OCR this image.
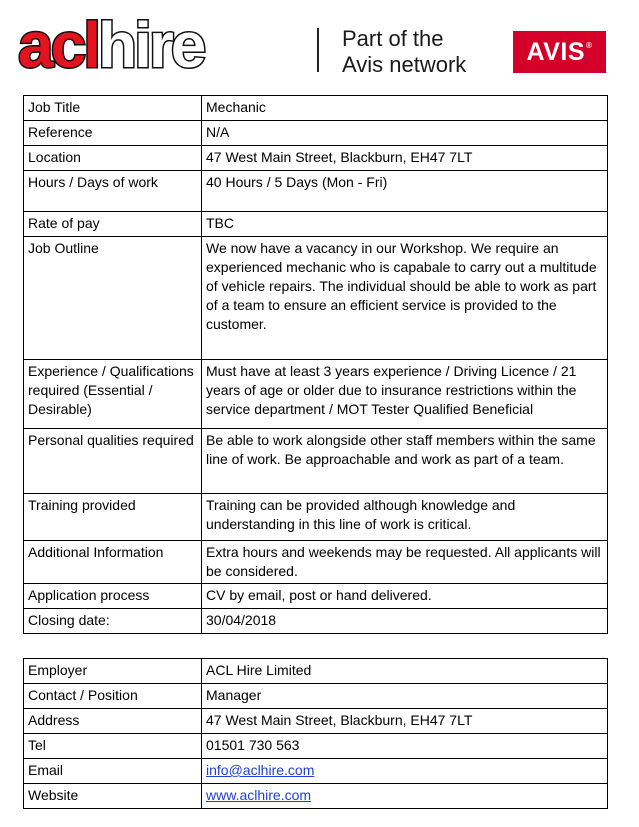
aclhire	Part of the
Avis network AVIS®
Job Title	Mechanic
Reference	N/A
Location	47 West Main Street, Blackburn, EH47 7LT
Hours / Days of work	40 Hours / 5 Days (Mon - Fri)
Rate of pay	TBC
Job Outline	We now have a vacancy in our Workshop. We require an experienced mechanic who is capabale to carry out a multitude of vehicle repairs. The individual should be able to work as part of a team to ensure an efficient service is provided to the customer.
Experience / Qualifications required (Essential / Desirable)	Must have at least 3 years experience / Driving Licence / 21 years of age or older due to insurance restrictions within the service department / MOT Tester Qualified Beneficial
Personal qualities required	Be able to work alongside other staff members within the same line of work. Be approachable and work as part of a team.
Training provided	Training can be provided although knowledge and understanding in this line of work is critical.
Additional Information	Extra hours and weekends may be requested. All applicants will be considered.
Application process	CV by email, post or hand delivered.
Closing date:	30/04/2018
Employer	ACL Hire Limited
Contact / Position	Manager
Address	47 West Main Street, Blackburn, EH47 7LT
Tel	01501 730 563
Email	info@aclhire.com
Website	www.aclhire.com
